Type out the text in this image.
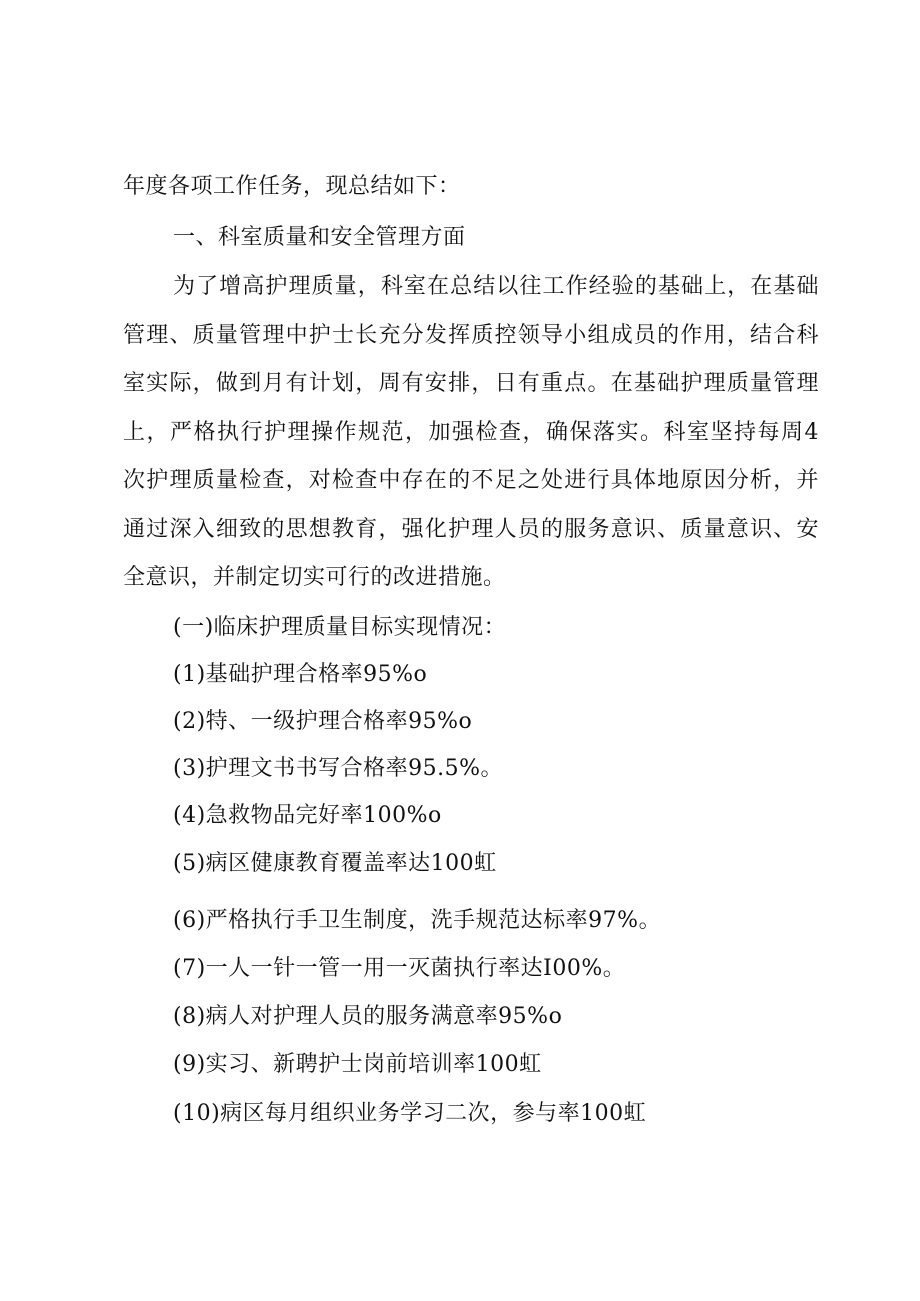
年度各项工作任务，现总结如下：
一、科室质量和安全管理方面
为了增高护理质量，科室在总结以往工作经验的基础上，在基础
管理、质量管理中护士长充分发挥质控领导小组成员的作用，结合科
室实际，做到月有计划，周有安排，日有重点。在基础护理质量管理
上，严格执行护理操作规范，加强检查，确保落实。科室坚持每周4
次护理质量检查，对检查中存在的不足之处进行具体地原因分析，并
通过深入细致的思想教育，强化护理人员的服务意识、质量意识、安
全意识，并制定切实可行的改进措施。
(一)临床护理质量目标实现情况：
(1)基础护理合格率95%o
(2)特、一级护理合格率95%o
(3)护理文书书写合格率95.5%。
(4)急救物品完好率100%o
(5)病区健康教育覆盖率达100虹
(6)严格执行手卫生制度，洗手规范达标率97%。
(7)一人一针一管一用一灭菌执行率达I00%。
(8)病人对护理人员的服务满意率95%o
(9)实习、新聘护士岗前培训率100虹
(10)病区每月组织业务学习二次，参与率100虹
